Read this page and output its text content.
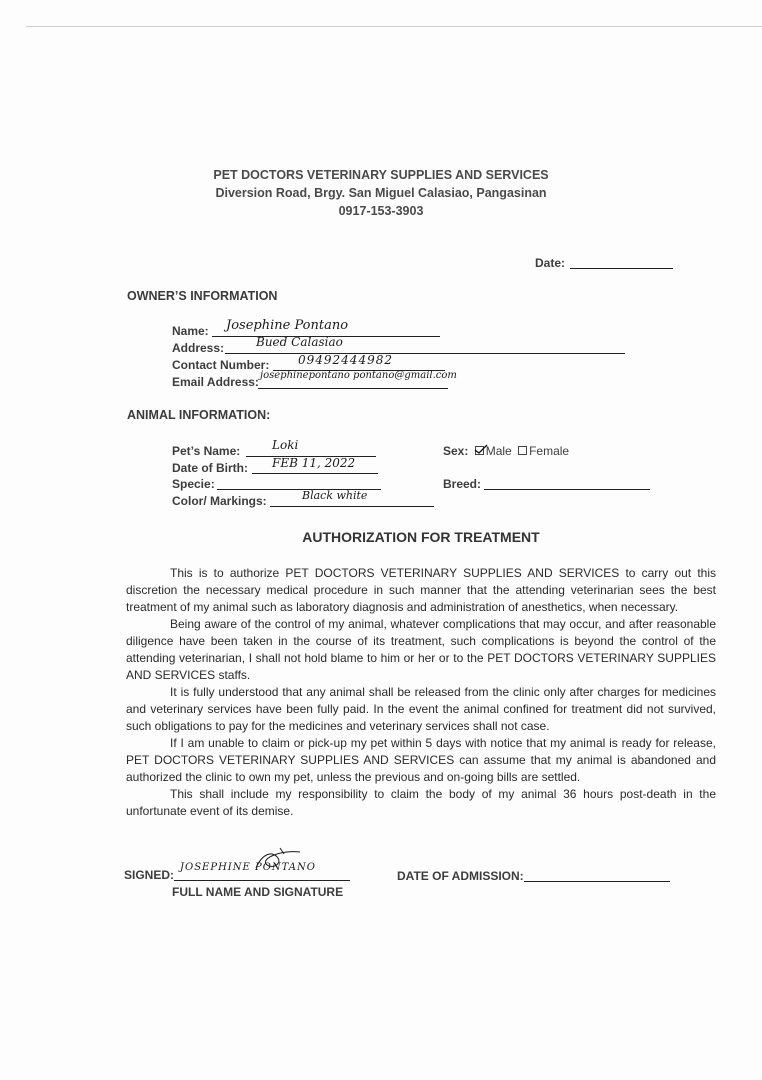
PET DOCTORS VETERINARY SUPPLIES AND SERVICES
Diversion Road, Brgy. San Miguel Calasiao, Pangasinan
0917-153-3903
Date:
OWNER’S INFORMATION
Name: Josephine Pontano
Address:	Bued Calasiao
Contact Number: 09492444982
Email Address: josephinepontano pontano@gmail.com
ANIMAL INFORMATION:
Pet’s Name:	Loki
Date of Birth: FEB 11, 2022
Specie:
Color/ Markings:	Black white
Sex: Male Female
Breed:
AUTHORIZATION FOR TREATMENT

This is to authorize PET DOCTORS VETERINARY SUPPLIES AND SERVICES to carry out this discretion the necessary medical procedure in such manner that the attending veterinarian sees the best treatment of my animal such as laboratory diagnosis and administration of anesthetics, when necessary.

Being aware of the control of my animal, whatever complications that may occur, and after reasonable diligence have been taken in the course of its treatment, such complications is beyond the control of the attending veterinarian, I shall not hold blame to him or her or to the PET DOCTORS VETERINARY SUPPLIES AND SERVICES staffs.

It is fully understood that any animal shall be released from the clinic only after charges for medicines and veterinary services have been fully paid. In the event the animal confined for treatment did not survived, such obligations to pay for the medicines and veterinary services shall not case.

If I am unable to claim or pick-up my pet within 5 days with notice that my animal is ready for release, PET DOCTORS VETERINARY SUPPLIES AND SERVICES can assume that my animal is abandoned and authorized the clinic to own my pet, unless the previous and on-going bills are settled.

This shall include my responsibility to claim the body of my animal 36 hours post-death in the unfortunate event of its demise.

SIGNED:
JOSEPHINE PONTANO
FULL NAME AND SIGNATURE
DATE OF ADMISSION:
